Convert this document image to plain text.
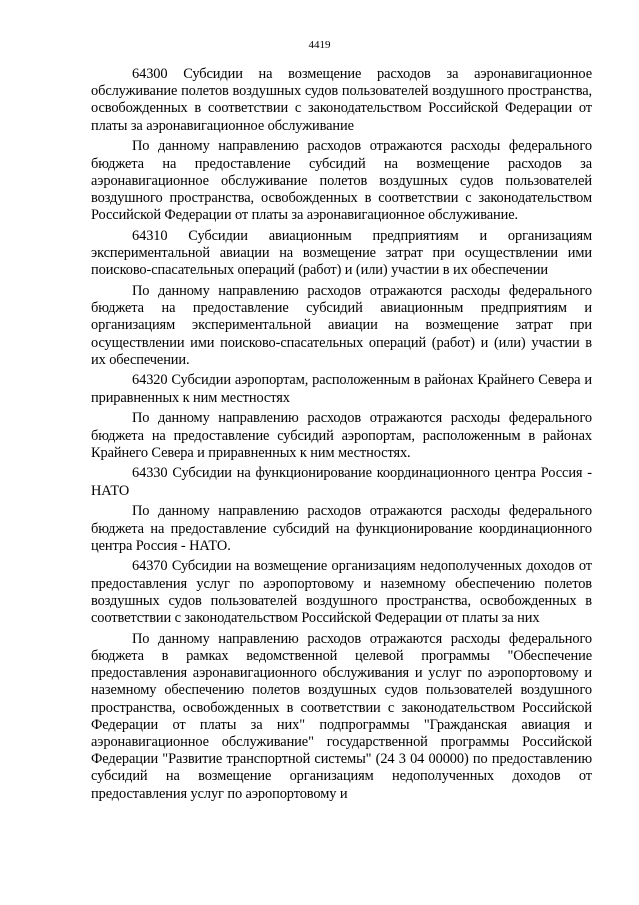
4419

64300 Субсидии на возмещение расходов за аэронавигационное обслуживание полетов воздушных судов пользователей воздушного пространства, освобожденных в соответствии с законодательством Российской Федерации от платы за аэронавигационное обслуживание

По данному направлению расходов отражаются расходы федерального бюджета на предоставление субсидий на возмещение расходов за аэронавигационное обслуживание полетов воздушных судов пользователей воздушного пространства, освобожденных в соответствии с законодательством Российской Федерации от платы за аэронавигационное обслуживание.

64310 Субсидии авиационным предприятиям и организациям экспериментальной авиации на возмещение затрат при осуществлении ими поисково-спасательных операций (работ) и (или) участии в их обеспечении

По данному направлению расходов отражаются расходы федерального бюджета на предоставление субсидий авиационным предприятиям и организациям экспериментальной авиации на возмещение затрат при осуществлении ими поисково-спасательных операций (работ) и (или) участии в их обеспечении.

64320 Субсидии аэропортам, расположенным в районах Крайнего Севера и приравненных к ним местностях

По данному направлению расходов отражаются расходы федерального бюджета на предоставление субсидий аэропортам, расположенным в районах Крайнего Севера и приравненных к ним местностях.

64330 Субсидии на функционирование координационного центра Россия - НАТО

По данному направлению расходов отражаются расходы федерального бюджета на предоставление субсидий на функционирование координационного центра Россия - НАТО.

64370 Субсидии на возмещение организациям недополученных доходов от предоставления услуг по аэропортовому и наземному обеспечению полетов воздушных судов пользователей воздушного пространства, освобожденных в соответствии с законодательством Российской Федерации от платы за них

По данному направлению расходов отражаются расходы федерального бюджета в рамках ведомственной целевой программы "Обеспечение предоставления аэронавигационного обслуживания и услуг по аэропортовому и наземному обеспечению полетов воздушных судов пользователей воздушного пространства, освобожденных в соответствии с законодательством Российской Федерации от платы за них" подпрограммы "Гражданская авиация и аэронавигационное обслуживание" государственной программы Российской Федерации "Развитие транспортной системы" (24 3 04 00000) по предоставлению субсидий на возмещение организациям недополученных доходов от предоставления услуг по аэропортовому и
